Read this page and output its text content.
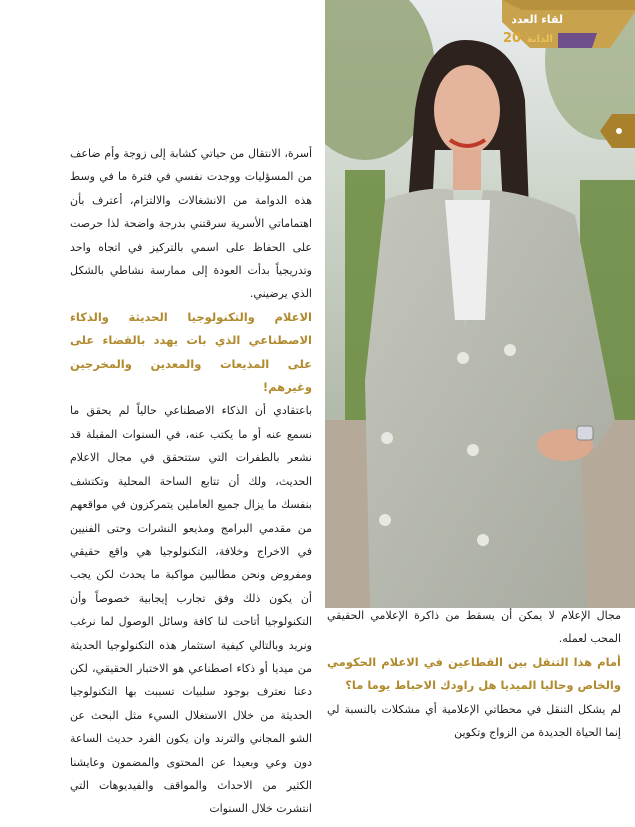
لقاء العدد
الدانة
20

أسرة، الانتقال من حياتي كشابة إلى زوجة وأم ضاعف من المسؤليات ووجدت نفسي في فترة ما في وسط هذه الدوامة من الانشغالات والالتزام، أعترف بأن اهتماماتي الأسرية سرقتني بدرجة واضحة لذا حرصت على الحفاظ على اسمي بالتركيز في اتجاه واحد وتدريجياً بدأت العودة إلى ممارسة نشاطي بالشكل الذي يرضيني.

الاعلام والتكنولوجيا الحديثة والذكاء الاصطناعي الذي بات يهدد بالقضاء على على المذيعات والمعدين والمخرجين وغيرهم!

باعتقادي أن الذكاء الاصطناعي حالياً لم يحقق ما نسمع عنه أو ما يكتب عنه، في السنوات المقبلة قد نشعر بالطفرات التي ستتحقق في مجال الاعلام الحديث، ولك أن تتابع الساحة المحلية وتكتشف بنفسك ما يزال جميع العاملين يتمركزون في مواقعهم من مقدمي البرامج ومذيعو النشرات وحتى الفنيين في الاخراج وخلافة، التكنولوجيا هي واقع حقيقي ومفروض ونحن مطالبين مواكبة ما يحدث لكن يجب أن يكون ذلك وفق تجارب إيجابية خصوصاً وأن التكنولوجيا أتاحت لنا كافة وسائل الوصول لما نرغب ونريد وبالتالي كيفية استثمار هذه التكنولوجيا الحديثة من ميديا أو ذكاء اصطناعي هو الاختبار الحقيقي، لكن دعنا نعترف بوجود سلبيات تسببت بها التكنولوجيا الحديثة من خلال الاستغلال السيء مثل البحث عن الشو المجاني والترند وان يكون الفرد حديث الساعة دون وعي وبعيدا عن المحتوى والمضمون وعايشنا الكثير من الاحداث والمواقف والفيديوهات التي انتشرت خلال السنوات

مجال الإعلام لا يمكن أن يسقط من ذاكرة الإعلامي الحقيقي المحب لعمله.

أمام هذا التنقل بين القطاعين في الاعلام الحكومي والخاص وحاليا الميديا هل راودك الاحباط يوما ما؟

لم يشكل التنقل في محطاتي الإعلامية أي مشكلات بالنسبة لي إنما الحياة الجديدة من الزواج وتكوين
